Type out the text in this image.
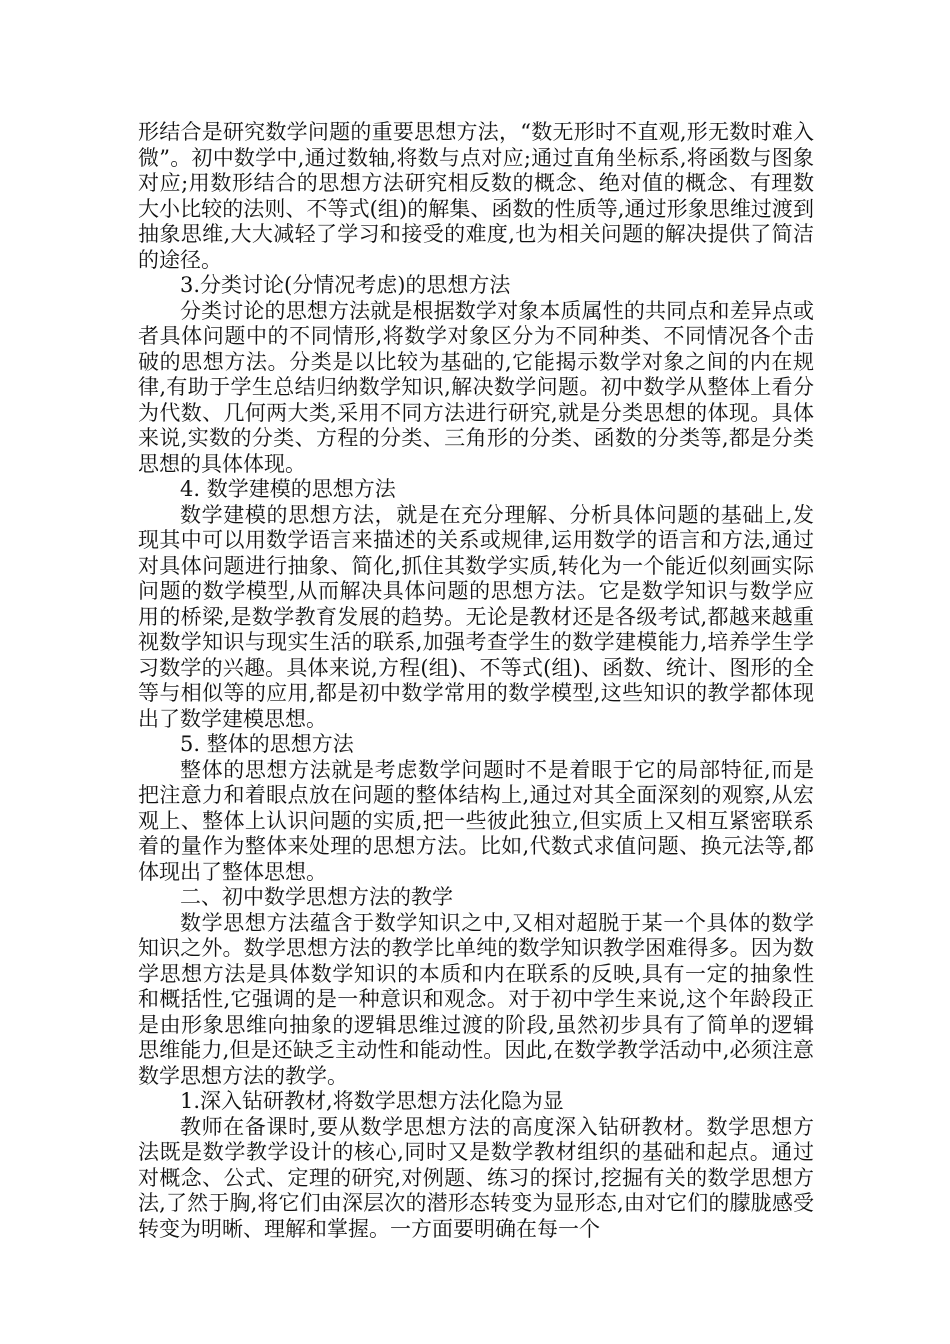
形结合是研究数学问题的重要思想方法，“数无形时不直观,形无数时难入微”。初中数学中,通过数轴,将数与点对应;通过直角坐标系,将函数与图象对应;用数形结合的思想方法研究相反数的概念、绝对值的概念、有理数大小比较的法则、不等式(组)的解集、函数的性质等,通过形象思维过渡到抽象思维,大大减轻了学习和接受的难度,也为相关问题的解决提供了简洁的途径。

3.分类讨论(分情况考虑)的思想方法

分类讨论的思想方法就是根据数学对象本质属性的共同点和差异点或者具体问题中的不同情形,将数学对象区分为不同种类、不同情况各个击破的思想方法。分类是以比较为基础的,它能揭示数学对象之间的内在规律,有助于学生总结归纳数学知识,解决数学问题。初中数学从整体上看分为代数、几何两大类,采用不同方法进行研究,就是分类思想的体现。具体来说,实数的分类、方程的分类、三角形的分类、函数的分类等,都是分类思想的具体体现。

4. 数学建模的思想方法

数学建模的思想方法，就是在充分理解、分析具体问题的基础上,发现其中可以用数学语言来描述的关系或规律,运用数学的语言和方法,通过对具体问题进行抽象、简化,抓住其数学实质,转化为一个能近似刻画实际问题的数学模型,从而解决具体问题的思想方法。它是数学知识与数学应用的桥梁,是数学教育发展的趋势。无论是教材还是各级考试,都越来越重视数学知识与现实生活的联系,加强考查学生的数学建模能力,培养学生学习数学的兴趣。具体来说,方程(组)、不等式(组)、函数、统计、图形的全等与相似等的应用,都是初中数学常用的数学模型,这些知识的教学都体现出了数学建模思想。

5. 整体的思想方法

整体的思想方法就是考虑数学问题时不是着眼于它的局部特征,而是把注意力和着眼点放在问题的整体结构上,通过对其全面深刻的观察,从宏观上、整体上认识问题的实质,把一些彼此独立,但实质上又相互紧密联系着的量作为整体来处理的思想方法。比如,代数式求值问题、换元法等,都体现出了整体思想。

二、初中数学思想方法的教学

数学思想方法蕴含于数学知识之中,又相对超脱于某一个具体的数学知识之外。数学思想方法的教学比单纯的数学知识教学困难得多。因为数学思想方法是具体数学知识的本质和内在联系的反映,具有一定的抽象性和概括性,它强调的是一种意识和观念。对于初中学生来说,这个年龄段正是由形象思维向抽象的逻辑思维过渡的阶段,虽然初步具有了简单的逻辑思维能力,但是还缺乏主动性和能动性。因此,在数学教学活动中,必须注意数学思想方法的教学。

1.深入钻研教材,将数学思想方法化隐为显

教师在备课时,要从数学思想方法的高度深入钻研教材。数学思想方法既是数学教学设计的核心,同时又是数学教材组织的基础和起点。通过对概念、公式、定理的研究,对例题、练习的探讨,挖掘有关的数学思想方法,了然于胸,将它们由深层次的潜形态转变为显形态,由对它们的朦胧感受转变为明晰、理解和掌握。一方面要明确在每一个
